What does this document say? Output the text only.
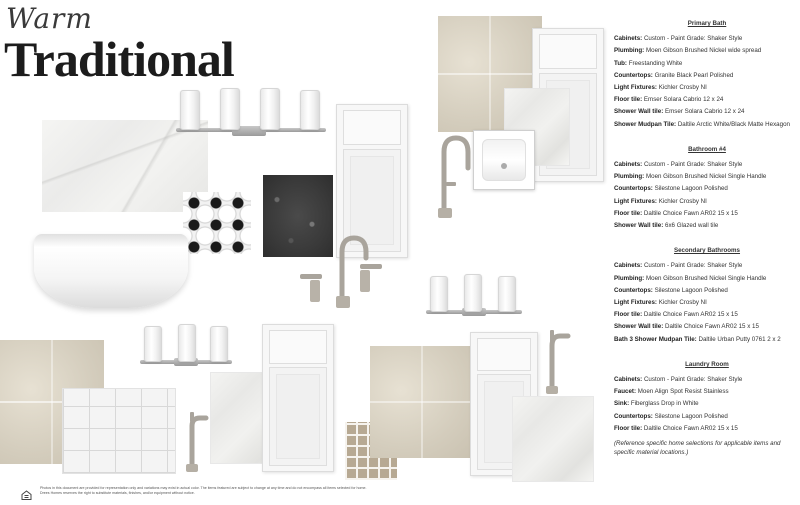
Warm
Traditional
Primary Bath
Cabinets: Custom - Paint Grade: Shaker Style
Plumbing: Moen Gibson Brushed Nickel wide spread
Tub: Freestanding White
Countertops: Granite Black Pearl Polished
Light Fixtures: Kichler Crosby NI
Floor tile: Emser Solara Cabrio 12 x 24
Shower Wall tile: Emser Solara Cabrio 12 x 24
Shower Mudpan Tile: Daltile Arctic White/Black Matte Hexagon
Bathroom #4
Cabinets: Custom - Paint Grade: Shaker Style
Plumbing: Moen Gibson Brushed Nickel Single Handle
Countertops: Silestone Lagoon Polished
Light Fixtures: Kichler Crosby NI
Floor tile: Daltile Choice Fawn AR02 15 x 15
Shower Wall tile: 6x6 Glazed wall tile
Secondary Bathrooms
Cabinets: Custom - Paint Grade: Shaker Style
Plumbing: Moen Gibson Brushed Nickel Single Handle
Countertops: Silestone Lagoon Polished
Light Fixtures: Kichler Crosby NI
Floor tile: Daltile Choice Fawn AR02 15 x 15
Shower Wall tile: Daltile Choice Fawn AR02 15 x 15
Bath 3 Shower Mudpan Tile: Daltile Urban Putty 0761 2 x 2
Laundry Room
Cabinets: Custom - Paint Grade: Shaker Style
Faucet: Moen Align Spot Resist Stainless
Sink: Fiberglass Drop in White
Countertops: Silestone Lagoon Polished
Floor tile: Daltile Choice Fawn AR02 15 x 15
(Reference specific home selections for applicable items and specific material locations.)
Photos in this document are provided for representation only and variations may exist in actual color. The items featured are subject to change at any time and do not encompass all items selected for home. Drees Homes reserves the right to substitute materials, finishes, and/or equipment without notice.
